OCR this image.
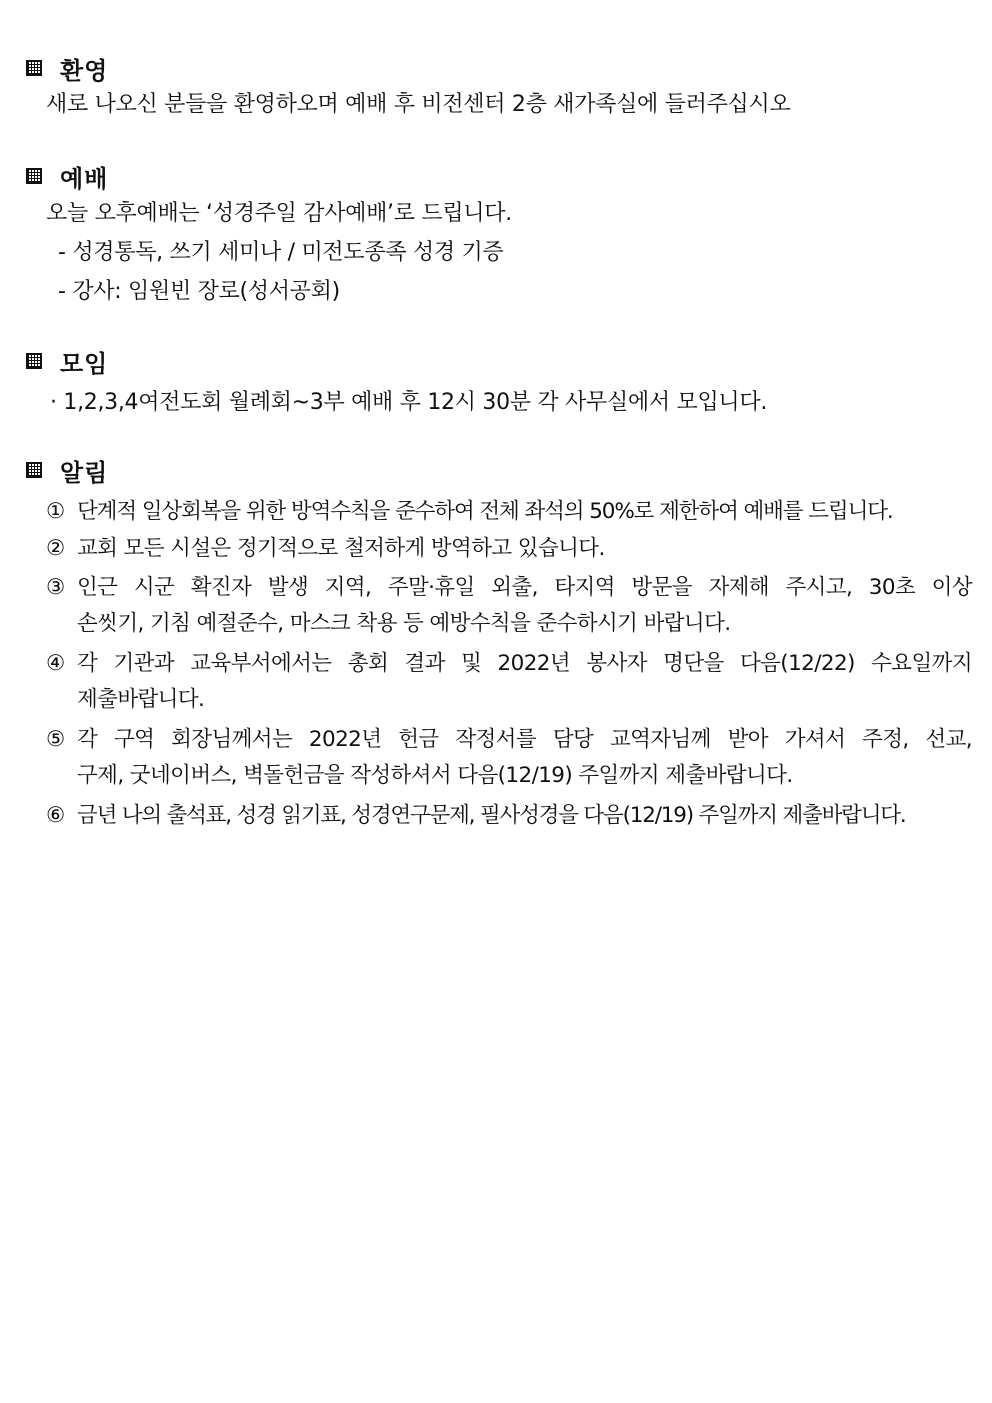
환영
새로 나오신 분들을 환영하오며 예배 후 비전센터 2층 새가족실에 들러주십시오
예배
오늘 오후예배는 ‘성경주일 감사예배’로 드립니다.
- 성경통독, 쓰기 세미나 / 미전도종족 성경 기증
- 강사: 임원빈 장로(성서공회)
모임
· 1,2,3,4여전도회 월례회~3부 예배 후 12시 30분 각 사무실에서 모입니다.
알림
① 단계적 일상회복을 위한 방역수칙을 준수하여 전체 좌석의 50%로 제한하여 예배를 드립니다.
② 교회 모든 시설은 정기적으로 철저하게 방역하고 있습니다.
③ 인근 시군 확진자 발생 지역, 주말·휴일 외출, 타지역 방문을 자제해 주시고, 30초 이상
손씻기, 기침 예절준수, 마스크 착용 등 예방수칙을 준수하시기 바랍니다.
④ 각 기관과 교육부서에서는 총회 결과 및 2022년 봉사자 명단을 다음(12/22) 수요일까지
제출바랍니다.
⑤ 각 구역 회장님께서는 2022년 헌금 작정서를 담당 교역자님께 받아 가셔서 주정, 선교,
구제, 굿네이버스, 벽돌헌금을 작성하셔서 다음(12/19) 주일까지 제출바랍니다.
⑥ 금년 나의 출석표, 성경 읽기표, 성경연구문제, 필사성경을 다음(12/19) 주일까지 제출바랍니다.
